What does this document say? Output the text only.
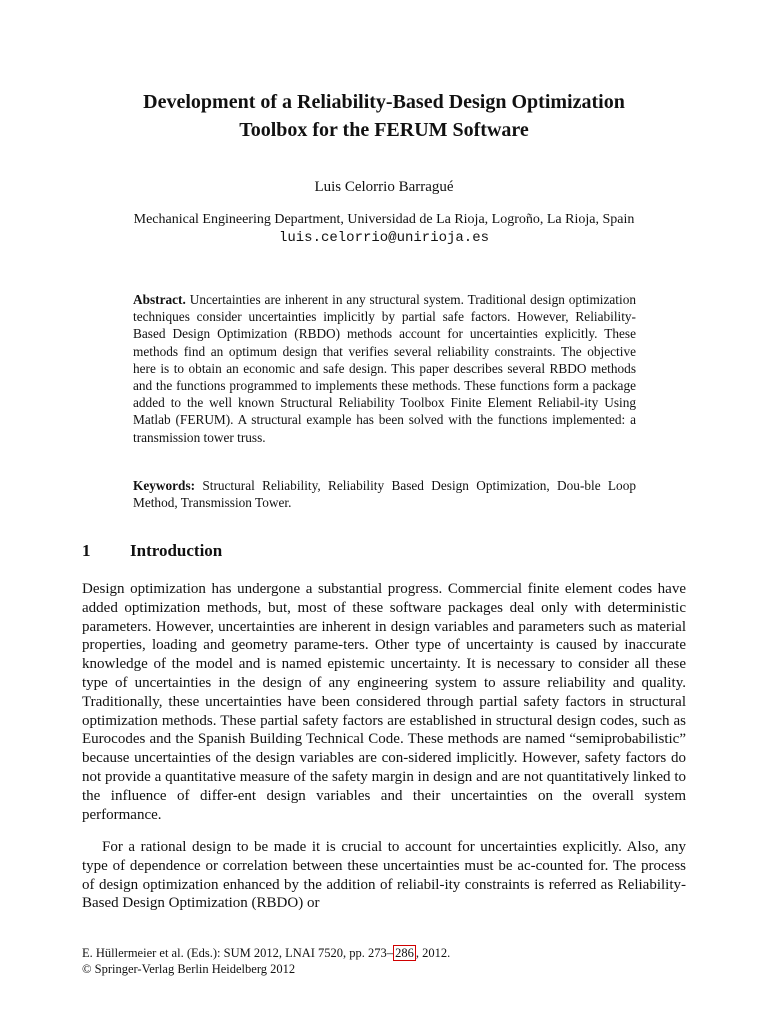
Development of a Reliability-Based Design Optimization
Toolbox for the FERUM Software
Luis Celorrio Barragué
Mechanical Engineering Department, Universidad de La Rioja, Logroño, La Rioja, Spain
luis.celorrio@unirioja.es

Abstract. Uncertainties are inherent in any structural system. Traditional design optimization techniques consider uncertainties implicitly by partial safe factors. However, Reliability-Based Design Optimization (RBDO) methods account for uncertainties explicitly. These methods find an optimum design that verifies several reliability constraints. The objective here is to obtain an economic and safe design. This paper describes several RBDO methods and the functions programmed to implements these methods. These functions form a package added to the well known Structural Reliability Toolbox Finite Element Reliabil-ity Using Matlab (FERUM). A structural example has been solved with the functions implemented: a transmission tower truss.

Keywords: Structural Reliability, Reliability Based Design Optimization, Dou-ble Loop Method, Transmission Tower.

1 Introduction

Design optimization has undergone a substantial progress. Commercial finite element codes have added optimization methods, but, most of these software packages deal only with deterministic parameters. However, uncertainties are inherent in design variables and parameters such as material properties, loading and geometry parame-ters. Other type of uncertainty is caused by inaccurate knowledge of the model and is named epistemic uncertainty. It is necessary to consider all these type of uncertainties in the design of any engineering system to assure reliability and quality. Traditionally, these uncertainties have been considered through partial safety factors in structural optimization methods. These partial safety factors are established in structural design codes, such as Eurocodes and the Spanish Building Technical Code. These methods are named “semiprobabilistic” because uncertainties of the design variables are con-sidered implicitly. However, safety factors do not provide a quantitative measure of the safety margin in design and are not quantitatively linked to the influence of differ-ent design variables and their uncertainties on the overall system performance.

For a rational design to be made it is crucial to account for uncertainties explicitly. Also, any type of dependence or correlation between these uncertainties must be ac-counted for. The process of design optimization enhanced by the addition of reliabil-ity constraints is referred as Reliability-Based Design Optimization (RBDO) or

E. Hüllermeier et al. (Eds.): SUM 2012, LNAI 7520, pp. 273– 286 , 2012.
© Springer-Verlag Berlin Heidelberg 2012
